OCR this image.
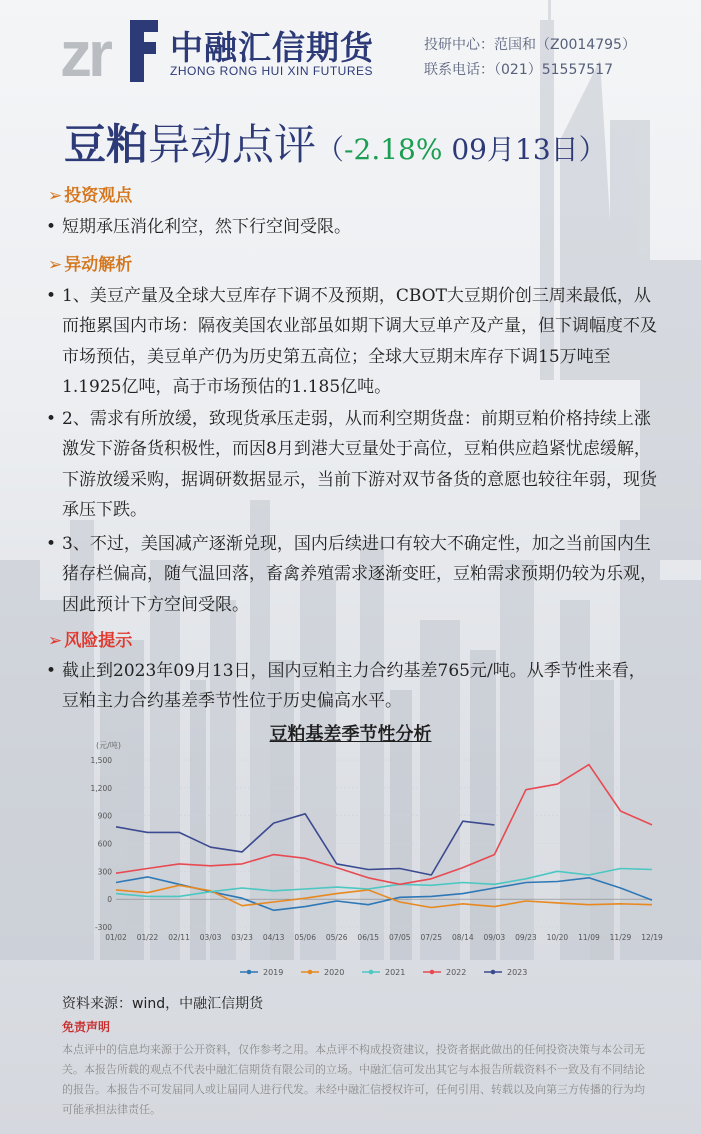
zr 中融汇信期货
ZHONG RONG HUI XIN FUTURES
投研中心：范国和（Z0014795）
联系电话：（021）51557517
豆粕异动点评（-2.18% 09月13日）
➢ 投资观点
• 短期承压消化利空，然下行空间受限。
➢ 异动解析
• 1、美豆产量及全球大豆库存下调不及预期，CBOT大豆期价创三周来最低，从而拖累国内市场：隔夜美国农业部虽如期下调大豆单产及产量，但下调幅度不及市场预估，美豆单产仍为历史第五高位；全球大豆期末库存下调15万吨至1.1925亿吨，高于市场预估的1.185亿吨。
• 2、需求有所放缓，致现货承压走弱，从而利空期货盘：前期豆粕价格持续上涨激发下游备货积极性，而因8月到港大豆量处于高位，豆粕供应趋紧忧虑缓解，下游放缓采购，据调研数据显示，当前下游对双节备货的意愿也较往年弱，现货承压下跌。
• 3、不过，美国减产逐渐兑现，国内后续进口有较大不确定性，加之当前国内生猪存栏偏高，随气温回落，畜禽养殖需求逐渐变旺，豆粕需求预期仍较为乐观，因此预计下方空间受限。
➢ 风险提示
• 截止到2023年09月13日，国内豆粕主力合约基差765元/吨。从季节性来看，豆粕主力合约基差季节性位于历史偏高水平。
豆粕基差季节性分析
(元/吨)
1,500
1,200
900
600
300
0
-300
01/02 01/22 02/11 03/03 03/23 04/13 05/06 05/26 06/15 07/05 07/25 08/14 09/03 09/23 10/20 11/09 11/29 12/19
2019	2020	2021	2022	2023
资料来源：wind，中融汇信期货
免责声明
本点评中的信息均来源于公开资料，仅作参考之用。本点评不构成投资建议，投资者据此做出的任何投资决策与本公司无关。本报告所载的观点不代表中融汇信期货有限公司的立场。中融汇信可发出其它与本报告所载资料不一致及有不同结论的报告。本报告不可发届同人或让届同人进行代发。未经中融汇信授权许可，任何引用、转载以及向第三方传播的行为均可能承担法律责任。
